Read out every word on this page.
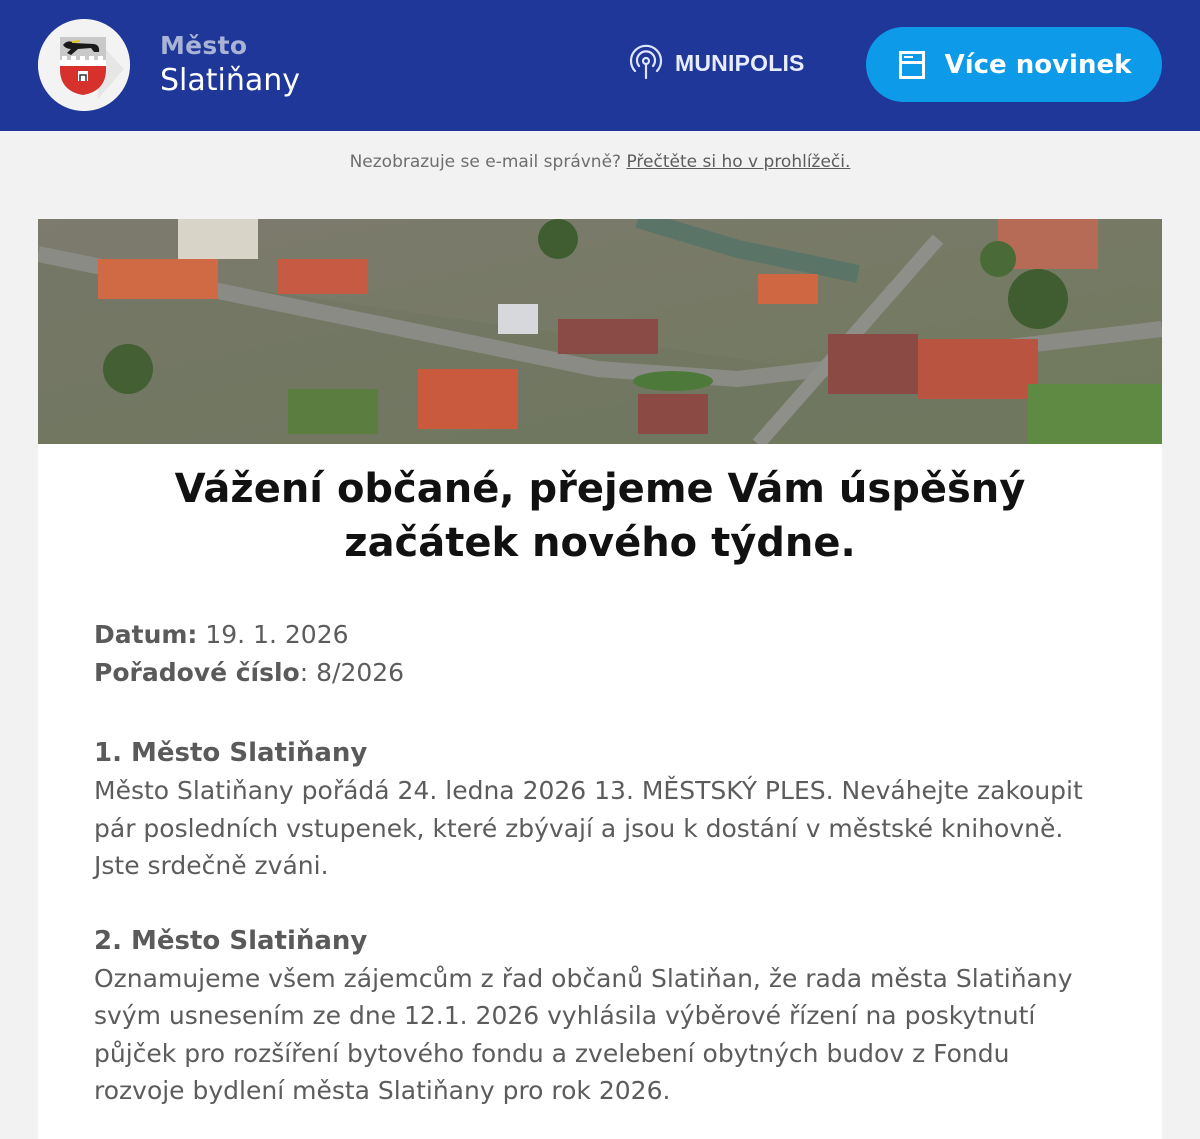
Město
Slatiňany
MUNIPOLIS	Více novinek
Nezobrazuje se e-mail správně? Přečtěte si ho v prohlížeči.
Vážení občané, přejeme Vám úspěšný začátek nového týdne.
Datum: 19. 1. 2026
Pořadové číslo: 8/2026
1. Město Slatiňany

Město Slatiňany pořádá 24. ledna 2026 13. MĚSTSKÝ PLES. Neváhejte zakoupit pár posledních vstupenek, které zbývají a jsou k dostání v městské knihovně. Jste srdečně zváni.

2. Město Slatiňany

Oznamujeme všem zájemcům z řad občanů Slatiňan, že rada města Slatiňany svým usnesením ze dne 12.1. 2026 vyhlásila výběrové řízení na poskytnutí půjček pro rozšíření bytového fondu a zvelebení obytných budov z Fondu rozvoje bydlení města Slatiňany pro rok 2026.
